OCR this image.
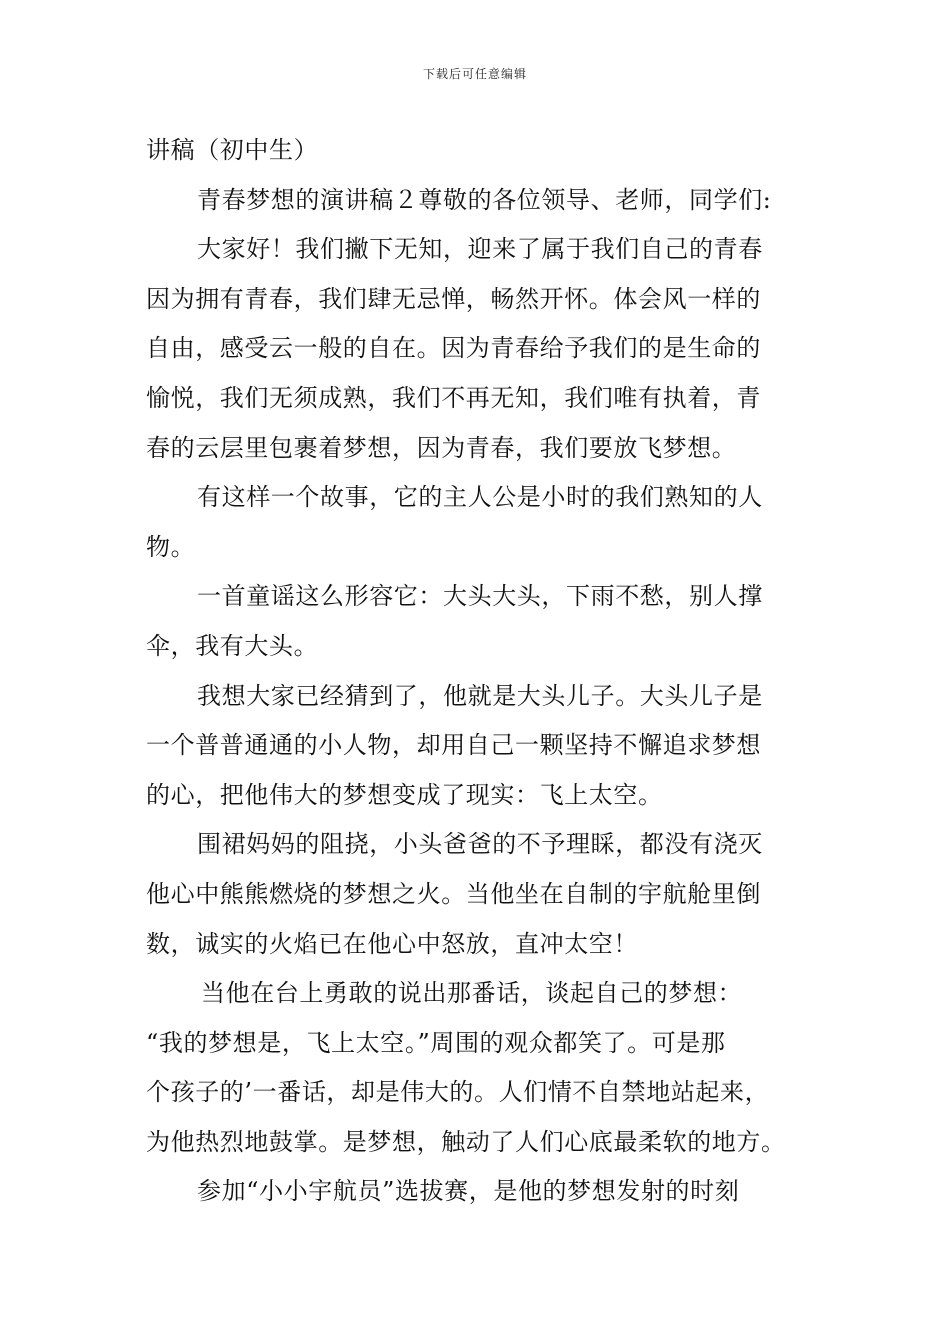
下载后可任意编辑
讲稿（初中生）
青春梦想的演讲稿２尊敬的各位领导、老师，同学们:
大家好！我们撇下无知，迎来了属于我们自己的青春
因为拥有青春，我们肆无忌惮，畅然开怀。体会风一样的
自由，感受云一般的自在。因为青春给予我们的是生命的
愉悦，我们无须成熟，我们不再无知，我们唯有执着，青
春的云层里包裹着梦想，因为青春，我们要放飞梦想。
有这样一个故事，它的主人公是小时的我们熟知的人
物。
一首童谣这么形容它：大头大头，下雨不愁，别人撑
伞，我有大头。
我想大家已经猜到了，他就是大头儿子。大头儿子是
一个普普通通的小人物，却用自己一颗坚持不懈追求梦想
的心，把他伟大的梦想变成了现实：飞上太空。
围裙妈妈的阻挠，小头爸爸的不予理睬，都没有浇灭
他心中熊熊燃烧的梦想之火。当他坐在自制的宇航舱里倒
数，诚实的火焰已在他心中怒放，直冲太空！
当他在台上勇敢的说出那番话，谈起自己的梦想：
“我的梦想是，飞上太空。”周围的观众都笑了。可是那
个孩子的’一番话，却是伟大的。人们情不自禁地站起来，
为他热烈地鼓掌。是梦想，触动了人们心底最柔软的地方。
参加“小小宇航员”选拔赛，是他的梦想发射的时刻
